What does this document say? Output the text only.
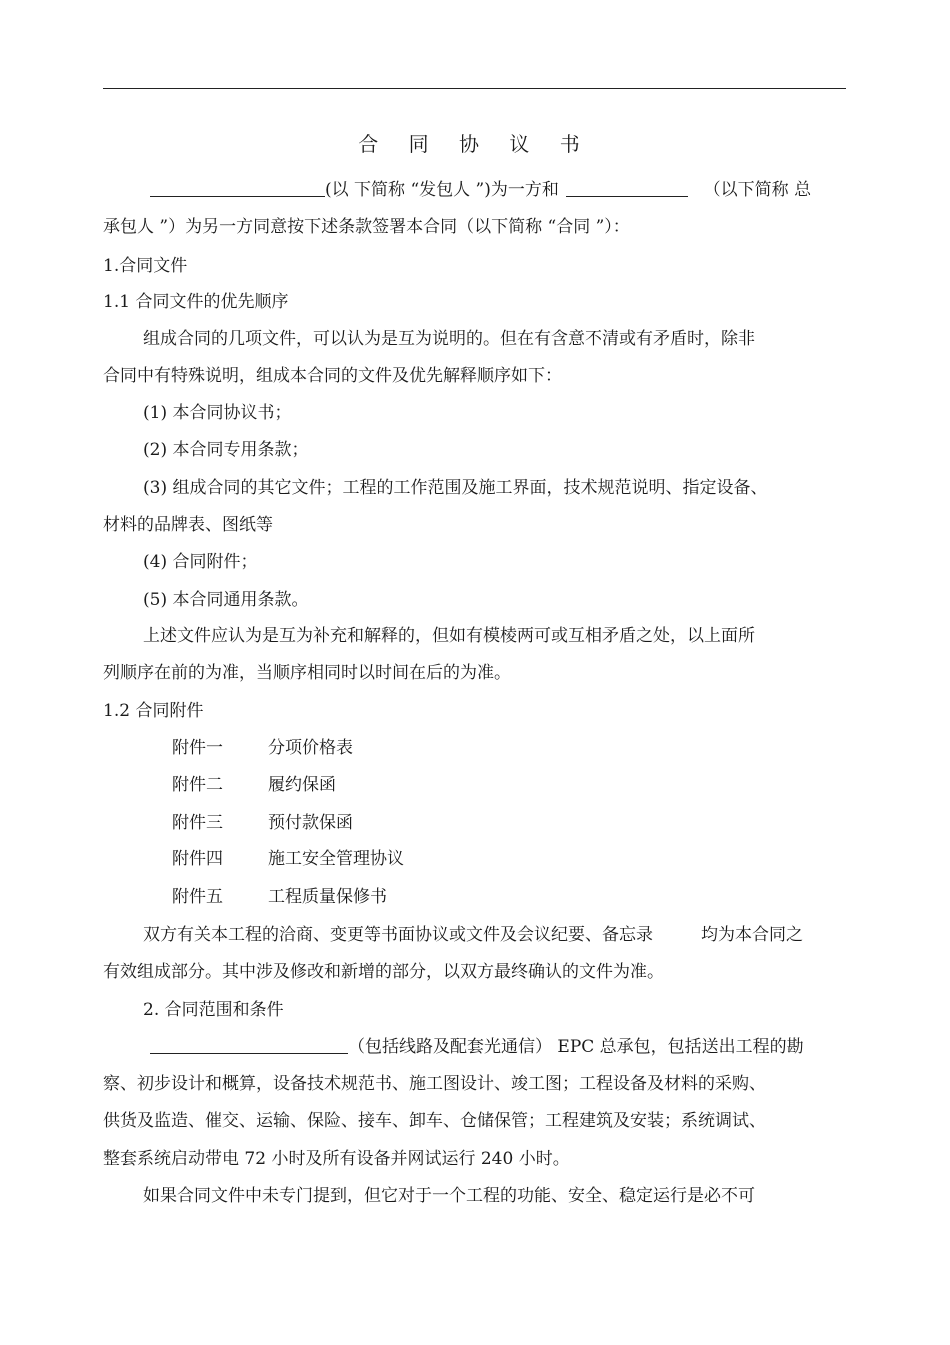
合 同 协 议 书
(以 下简称 “发包人 ”)为一方和	（以下简称 总
承包人 ”）为另一方同意按下述条款签署本合同（以下简称 “合同 ”）：
1.合同文件
1.1 合同文件的优先顺序
组成合同的几项文件，可以认为是互为说明的。但在有含意不清或有矛盾时，除非
合同中有特殊说明，组成本合同的文件及优先解释顺序如下：
(1) 本合同协议书；
(2) 本合同专用条款；
(3) 组成合同的其它文件；工程的工作范围及施工界面，技术规范说明、指定设备、
材料的品牌表、图纸等
(4) 合同附件；
(5) 本合同通用条款。
上述文件应认为是互为补充和解释的，但如有模棱两可或互相矛盾之处，以上面所
列顺序在前的为准，当顺序相同时以时间在后的为准。
1.2 合同附件
附件一	分项价格表
附件二	履约保函
附件三	预付款保函
附件四	施工安全管理协议
附件五	工程质量保修书
双方有关本工程的洽商、变更等书面协议或文件及会议纪要、备忘录	均为本合同之
有效组成部分。其中涉及修改和新增的部分，以双方最终确认的文件为准。
2. 合同范围和条件
（包括线路及配套光通信） EPC 总承包，包括送出工程的勘
察、初步设计和概算，设备技术规范书、施工图设计、竣工图；工程设备及材料的采购、
供货及监造、催交、运输、保险、接车、卸车、仓储保管；工程建筑及安装；系统调试、
整套系统启动带电 72 小时及所有设备并网试运行 240 小时。
如果合同文件中未专门提到，但它对于一个工程的功能、安全、稳定运行是必不可
